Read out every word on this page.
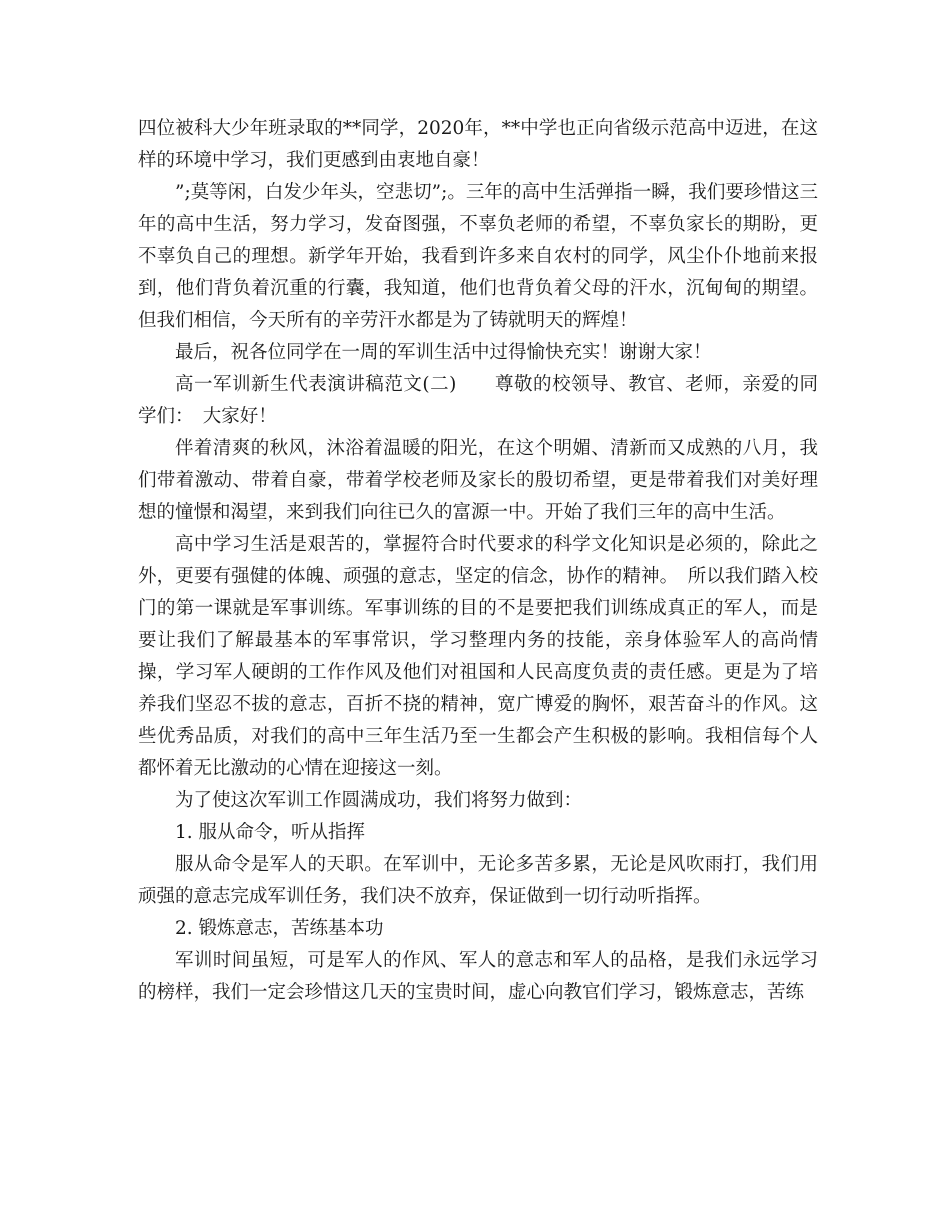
四位被科大少年班录取的**同学，2020年，**中学也正向省级示范高中迈进，在这样的环境中学习，我们更感到由衷地自豪！

”;莫等闲，白发少年头，空悲切”;。三年的高中生活弹指一瞬，我们要珍惜这三年的高中生活，努力学习，发奋图强，不辜负老师的希望，不辜负家长的期盼，更不辜负自己的理想。新学年开始，我看到许多来自农村的同学，风尘仆仆地前来报到，他们背负着沉重的行囊，我知道，他们也背负着父母的汗水，沉甸甸的期望。但我们相信，今天所有的辛劳汗水都是为了铸就明天的辉煌！

最后，祝各位同学在一周的军训生活中过得愉快充实！谢谢大家！

高一军训新生代表演讲稿范文(二)　　尊敬的校领导、教官、老师，亲爱的同学们：　大家好！

伴着清爽的秋风，沐浴着温暖的阳光，在这个明媚、清新而又成熟的八月，我们带着激动、带着自豪，带着学校老师及家长的殷切希望，更是带着我们对美好理想的憧憬和渴望，来到我们向往已久的富源一中。开始了我们三年的高中生活。

高中学习生活是艰苦的，掌握符合时代要求的科学文化知识是必须的，除此之外，更要有强健的体魄、顽强的意志，坚定的信念，协作的精神。　所以我们踏入校门的第一课就是军事训练。军事训练的目的不是要把我们训练成真正的军人，而是要让我们了解最基本的军事常识，学习整理内务的技能，亲身体验军人的高尚情操，学习军人硬朗的工作作风及他们对祖国和人民高度负责的责任感。更是为了培养我们坚忍不拔的意志，百折不挠的精神，宽广博爱的胸怀，艰苦奋斗的作风。这些优秀品质，对我们的高中三年生活乃至一生都会产生积极的影响。我相信每个人都怀着无比激动的心情在迎接这一刻。

为了使这次军训工作圆满成功，我们将努力做到：

1. 服从命令，听从指挥

服从命令是军人的天职。在军训中，无论多苦多累，无论是风吹雨打，我们用顽强的意志完成军训任务，我们决不放弃，保证做到一切行动听指挥。

2. 锻炼意志，苦练基本功

军训时间虽短，可是军人的作风、军人的意志和军人的品格，是我们永远学习的榜样，我们一定会珍惜这几天的宝贵时间，虚心向教官们学习，锻炼意志，苦练
